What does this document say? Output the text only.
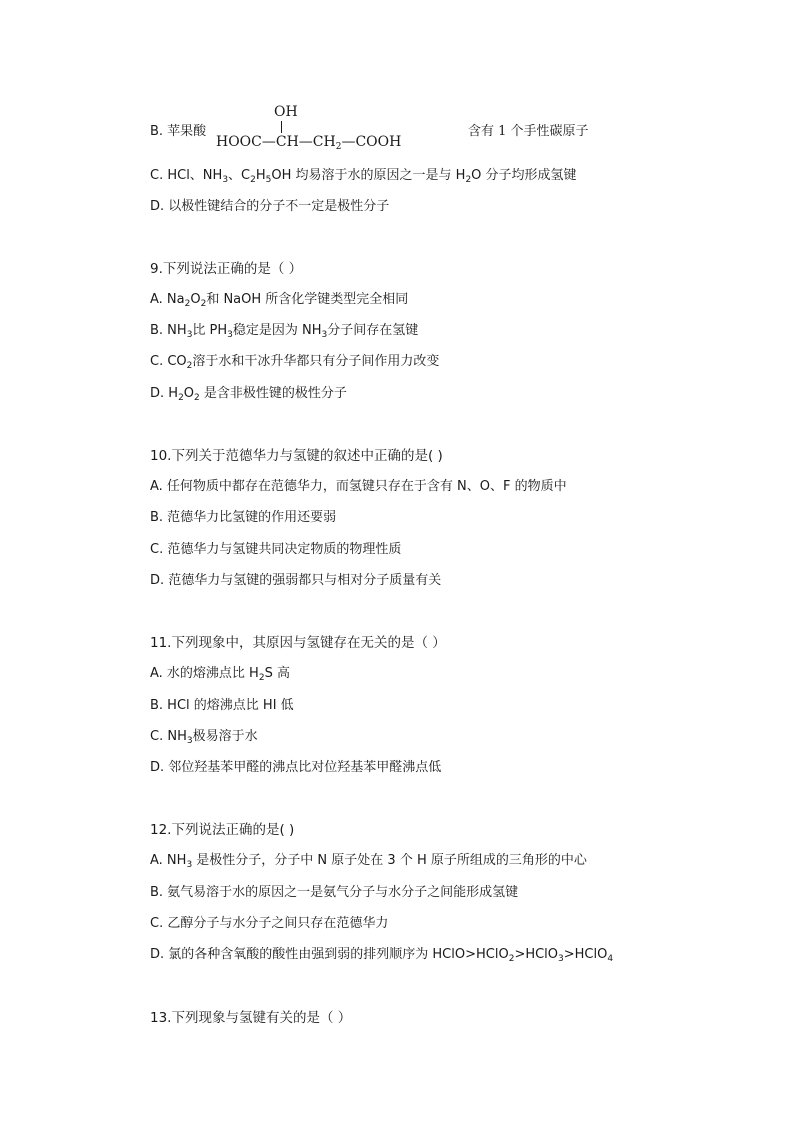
B. 苹果酸
OH
$HOOC—CH—CH_2—COOH$
含有 1 个手性碳原子
C. HCl、$NH_3$、$C_2H_5OH$ 均易溶于水的原因之一是与 $H_2O$ 分子均形成氢键
D. 以极性键结合的分子不一定是极性分子
9.下列说法正确的是（ ）
A. $Na_2O_2$和 NaOH 所含化学键类型完全相同
B. $NH_3$比 $PH_3$稳定是因为 $NH_3$分子间存在氢键
C. $CO_2$溶于水和干冰升华都只有分子间作用力改变
D. $H_2O_2$ 是含非极性键的极性分子
10.下列关于范德华力与氢键的叙述中正确的是( )
A. 任何物质中都存在范德华力，而氢键只存在于含有 N、O、F 的物质中
B. 范德华力比氢键的作用还要弱
C. 范德华力与氢键共同决定物质的物理性质
D. 范德华力与氢键的强弱都只与相对分子质量有关
11.下列现象中，其原因与氢键存在无关的是（ ）
A. 水的熔沸点比 $H_2S$ 高
B. HCl 的熔沸点比 HI 低
C. $NH_3$极易溶于水
D. 邻位羟基苯甲醛的沸点比对位羟基苯甲醛沸点低
12.下列说法正确的是( )
A. $NH_3$ 是极性分子，分子中 N 原子处在 3 个 H 原子所组成的三角形的中心
B. 氨气易溶于水的原因之一是氨气分子与水分子之间能形成氢键
C. 乙醇分子与水分子之间只存在范德华力
D. 氯的各种含氧酸的酸性由强到弱的排列顺序为 HClO>HClO$_2$>HClO$_3$>HClO$_4$
13.下列现象与氢键有关的是（ ）
